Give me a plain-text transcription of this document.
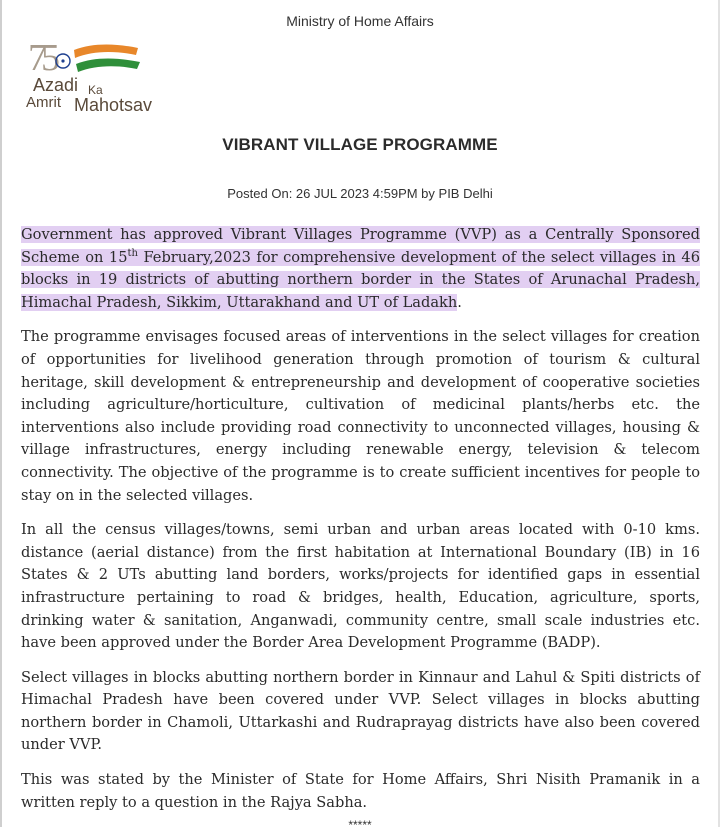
Ministry of Home Affairs
75
Azadi Ka
Amrit Mahotsav
VIBRANT VILLAGE PROGRAMME
Posted On: 26 JUL 2023 4:59PM by PIB Delhi

Government has approved Vibrant Villages Programme (VVP) as a Centrally Sponsored Scheme on 15th February,2023 for comprehensive development of the select villages in 46 blocks in 19 districts of abutting northern border in the States of Arunachal Pradesh, Himachal Pradesh, Sikkim, Uttarakhand and UT of Ladakh.

The programme envisages focused areas of interventions in the select villages for creation of opportunities for livelihood generation through promotion of tourism & cultural heritage, skill development & entrepreneurship and development of cooperative societies including agriculture/horticulture, cultivation of medicinal plants/herbs etc. the interventions also include providing road connectivity to unconnected villages, housing & village infrastructures, energy including renewable energy, television & telecom connectivity. The objective of the programme is to create sufficient incentives for people to stay on in the selected villages.

In all the census villages/towns, semi urban and urban areas located with 0-10 kms. distance (aerial distance) from the first habitation at International Boundary (IB) in 16 States & 2 UTs abutting land borders, works/projects for identified gaps in essential infrastructure pertaining to road & bridges, health, Education, agriculture, sports, drinking water & sanitation, Anganwadi, community centre, small scale industries etc. have been approved under the Border Area Development Programme (BADP).

Select villages in blocks abutting northern border in Kinnaur and Lahul & Spiti districts of Himachal Pradesh have been covered under VVP. Select villages in blocks abutting northern border in Chamoli, Uttarkashi and Rudraprayag districts have also been covered under VVP.

This was stated by the Minister of State for Home Affairs, Shri Nisith Pramanik in a written reply to a question in the Rajya Sabha.

*****
